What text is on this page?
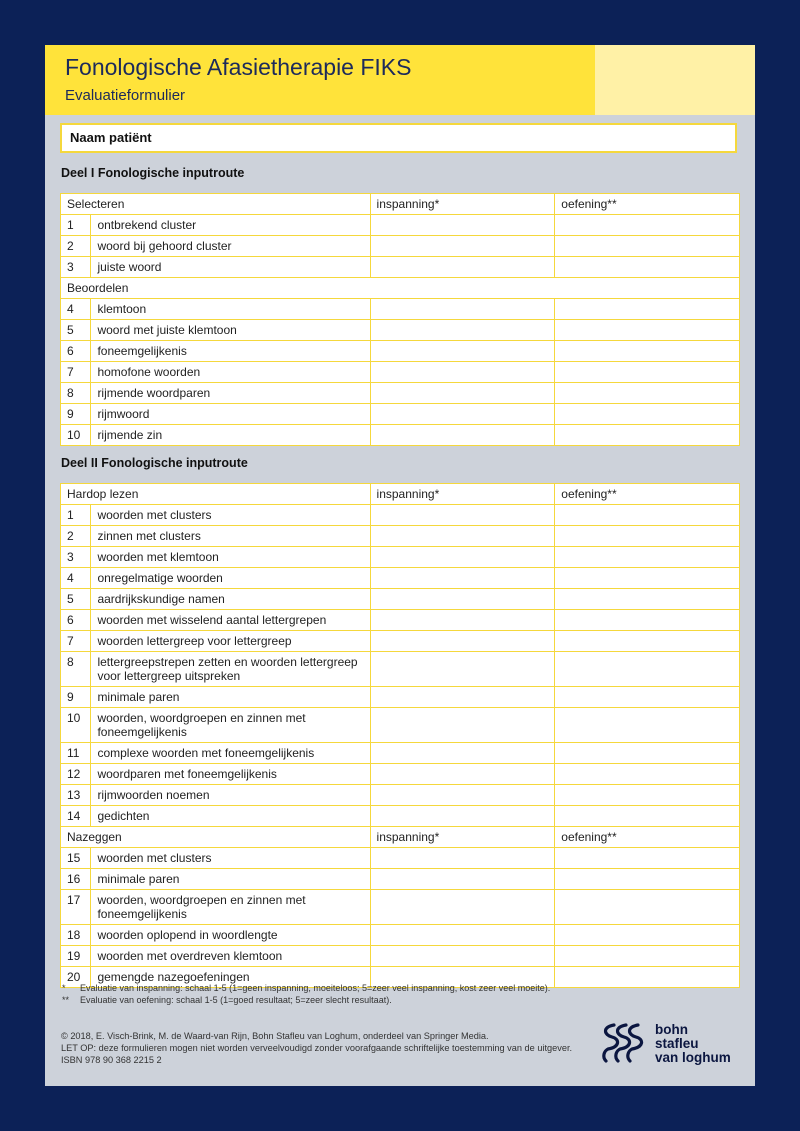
Fonologische Afasietherapie FIKS
Evaluatieformulier
Naam patiënt
Deel I Fonologische inputroute
Selecteren		inspanning*	oefening**
1	ontbrekend cluster		
2	woord bij gehoord cluster		
3	juiste woord		
Beoordelen			
4	klemtoon		
5	woord met juiste klemtoon		
6	foneemgelijkenis		
7	homofone woorden		
8	rijmende woordparen		
9	rijmwoord		
10	rijmende zin		
Deel II Fonologische inputroute
Hardop lezen		inspanning*	oefening**
1	woorden met clusters		
2	zinnen met clusters		
3	woorden met klemtoon		
4	onregelmatige woorden		
5	aardrijkskundige namen		
6	woorden met wisselend aantal lettergrepen		
7	woorden lettergreep voor lettergreep		
8	lettergreepstrepen zetten en woorden lettergreep voor lettergreep uitspreken		
9	minimale paren		
10	woorden, woordgroepen en zinnen met foneemgelijkenis		
11	complexe woorden met foneemgelijkenis		
12	woordparen met foneemgelijkenis		
13	rijmwoorden noemen		
14	gedichten		
Nazeggen		inspanning*	oefening**
15	woorden met clusters		
16	minimale paren		
17	woorden, woordgroepen en zinnen met foneemgelijkenis		
18	woorden oplopend in woordlengte		
19	woorden met overdreven klemtoon		
20	gemengde nazegoefeningen		
* Evaluatie van inspanning: schaal 1-5 (1=geen inspanning, moeiteloos; 5=zeer veel inspanning, kost zeer veel moeite).
** Evaluatie van oefening: schaal 1-5 (1=goed resultaat; 5=zeer slecht resultaat).
© 2018, E. Visch-Brink, M. de Waard-van Rijn, Bohn Stafleu van Loghum, onderdeel van Springer Media.
LET OP: deze formulieren mogen niet worden verveelvoudigd zonder voorafgaande schriftelijke toestemming van de uitgever.
ISBN 978 90 368 2215 2
bohn
stafleu
van loghum
